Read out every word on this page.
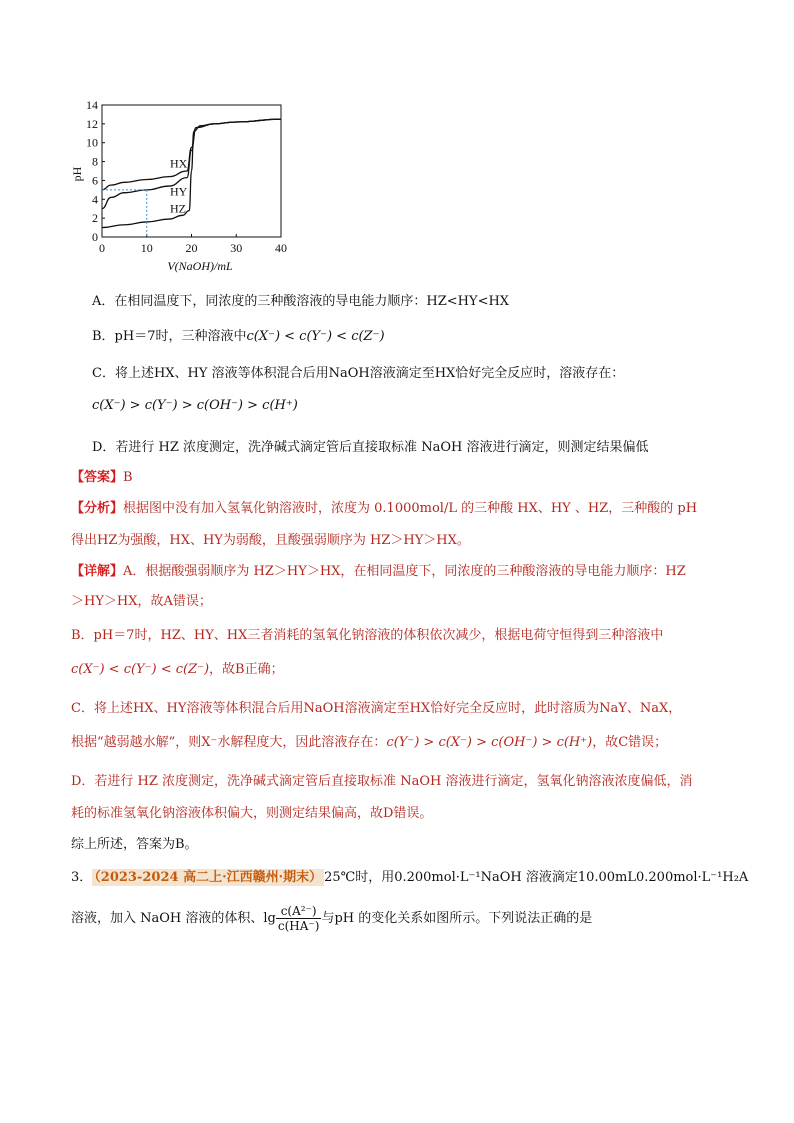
0
2
4
6
8
10
12
14
0	10	20	30	40
HX
HY
HZ
pH
V(NaOH)/mL
A．在相同温度下，同浓度的三种酸溶液的导电能力顺序：HZ<HY<HX
B．pH＝7时，三种溶液中c(X⁻) < c(Y⁻) < c(Z⁻)
C．将上述HX、HY 溶液等体积混合后用NaOH溶液滴定至HX恰好完全反应时，溶液存在：
c(X⁻) > c(Y⁻) > c(OH⁻) > c(H⁺)
D．若进行 HZ 浓度测定，洗净碱式滴定管后直接取标准 NaOH 溶液进行滴定，则测定结果偏低
【答案】B
【分析】根据图中没有加入氢氧化钠溶液时，浓度为 0.1000mol/L 的三种酸 HX、HY 、HZ，三种酸的 pH
得出HZ为强酸，HX、HY为弱酸，且酸强弱顺序为 HZ＞HY＞HX。
【详解】A．根据酸强弱顺序为 HZ＞HY＞HX，在相同温度下，同浓度的三种酸溶液的导电能力顺序：HZ
＞HY＞HX，故A错误；
B．pH＝7时，HZ、HY、HX三者消耗的氢氧化钠溶液的体积依次减少，根据电荷守恒得到三种溶液中
c(X⁻) < c(Y⁻) < c(Z⁻)，故B正确；
C．将上述HX、HY溶液等体积混合后用NaOH溶液滴定至HX恰好完全反应时，此时溶质为NaY、NaX，
根据“越弱越水解”，则X⁻水解程度大，因此溶液存在：c(Y⁻) > c(X⁻) > c(OH⁻) > c(H⁺)，故C错误；
D．若进行 HZ 浓度测定，洗净碱式滴定管后直接取标准 NaOH 溶液进行滴定，氢氧化钠溶液浓度偏低，消
耗的标准氢氧化钠溶液体积偏大，则测定结果偏高，故D错误。
综上所述，答案为B。
3． （2023-2024 高二上·江西赣州·期末） 25℃时，用0.200mol·L⁻¹NaOH 溶液滴定10.00mL0.200mol·L⁻¹H₂A
溶液，加入 NaOH 溶液的体积、$\lg \frac{\text{c(A²⁻)}}{c(HA^-)}$ 与pH 的变化关系如图所示。下列说法正确的是
